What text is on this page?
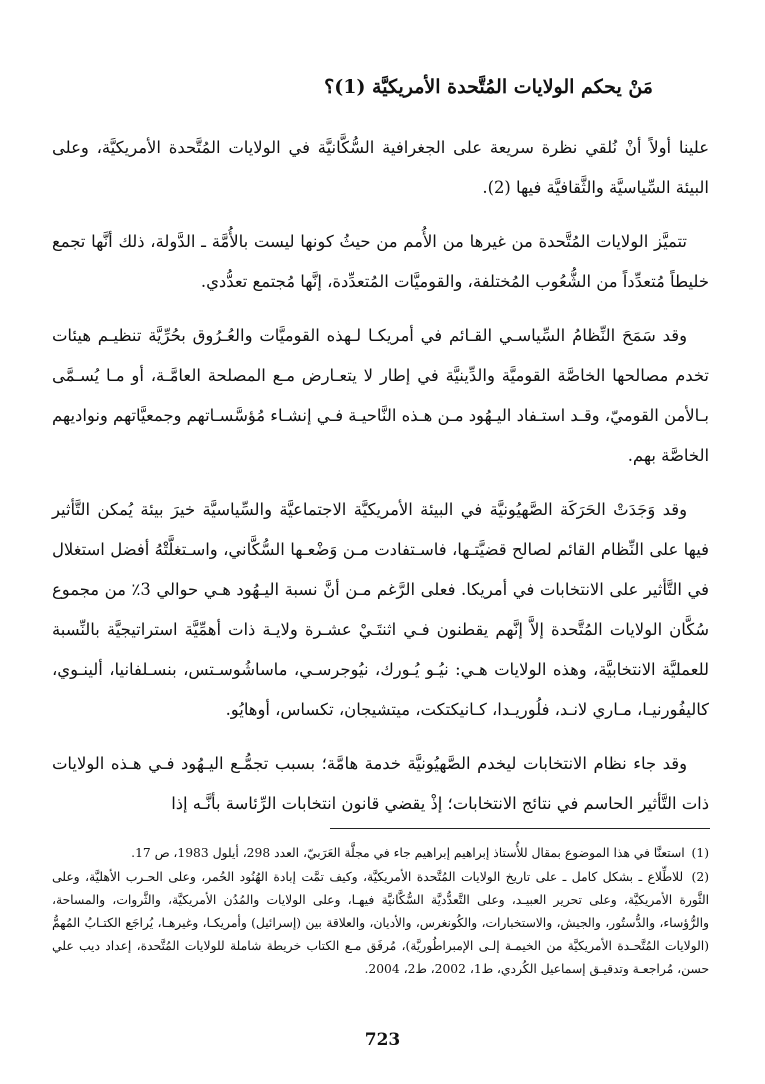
مَنْ يحكم الولايات المُتَّحدة الأمريكيَّة (1)؟

علينا أولاً أنْ نُلقي نظرة سريعة على الجغرافية السُّكَّانيَّة في الولايات المُتَّحدة الأمريكيَّة، وعلى البيئة السِّياسيَّة والثَّقافيَّة فيها (2).

تتميَّز الولايات المُتَّحدة من غيرها من الأُمم من حيثُ كونها ليست بالأُمَّة ـ الدَّولة، ذلك أنَّها تجمع خليطاً مُتعدِّداً من الشُّعُوب المُختلفة، والقوميَّات المُتعدِّدة، إنَّها مُجتمع تعدُّدي.

وقد سَمَحَ النِّظامُ السِّياسـي القـائم في أمريكـا لـهذه القوميَّات والعُـرُوق بحُرِّيَّة تنظيـم هيئات تخدم مصالحها الخاصَّة القوميَّة والدِّينيَّة في إطار لا يتعـارض مـع المصلحة العامَّـة، أو مـا يُسـمَّى بـالأمن القوميّ، وقـد استـفاد اليـهُود مـن هـذه النَّاحيـة فـي إنشـاء مُؤسَّسـاتهم وجمعيَّاتهم ونواديهم الخاصَّة بهم.

وقد وَجَدَتْ الحَرَكَة الصَّهيُونيَّة في البيئة الأمريكيَّة الاجتماعيَّة والسِّياسيَّة خيرَ بيئة يُمكن التَّأثير فيها على النِّظام القائم لصالح قضيَّتـها، فاسـتفادت مـن وَضْعـها السُّكَّاني، واسـتغلَّتْهُ أفضل استغلال في التَّأثير على الانتخابات في أمريكا. فعلى الرَّغم مـن أنَّ نسبة اليـهُود هـي حوالي 3٪ من مجموع سُكَّان الولايات المُتَّحدة إلاَّ إنَّهم يقطنون فـي اثنتَـيْ عشـرة ولايـة ذات أهمِّيَّة استراتيجيَّة بالنِّسبة للعمليَّة الانتخابيَّة، وهذه الولايات هـي: نيُـو يُـورك، نيُوجرسـي، ماساشُوسـتس، بنسـلفانيا، ألينـوي، كاليفُورنيـا، مـاري لانـد، فلُوريـدا، كـانيكتكت، ميتشيجان، تكساس، أوهايُو.

وقد جاء نظام الانتخابات ليخدم الصَّهيُونيَّة خدمة هامَّة؛ بسبب تجمُّـع اليـهُود فـي هـذه الولايات ذات التَّأثير الحاسم في نتائج الانتخابات؛ إذْ يقضي قانون انتخابات الرِّئاسة بأنَّـه إذا

(1) استعنَّا في هذا الموضوع بمقال للأُستاذ إبراهيم إبراهيم جاء في مجلَّة العَرَبيّ، العدد 298، أيلول 1983، ص 17.

(2) للاطِّلاع ـ بشكل كامل ـ على تاريخ الولايات المُتَّحدة الأمريكيَّة، وكيف تمَّت إبادة الهُنُود الحُمر، وعلى الحـرب الأهليَّة، وعلى الثَّورة الأمريكيَّة، وعلى تحرير العبيـد، وعلى التَّعدُّديَّة السُّكَّانيَّة فيهـا، وعلى الولايات والمُدُن الأمريكيَّة، والثَّروات، والمساحة، والرُّؤساء، والدُّستُور، والجيش، والاستخبارات، والكُونغرس، والأديان، والعلاقة بين (إسرائيل) وأمريكـا، وغيرهـا، يُراجَع الكتـابُ المُهمُّ (الولايات المُتَّحـدة الأمريكيَّة من الخيمـة إلـى الإمبراطُوريَّة)، مُرفَق مـع الكتاب خريطة شاملة للولايات المُتَّحدة، إعداد ديب علي حسن، مُراجعـة وتدقيـق إسماعيل الكُردي، ط1، 2002، ط2، 2004.

723
